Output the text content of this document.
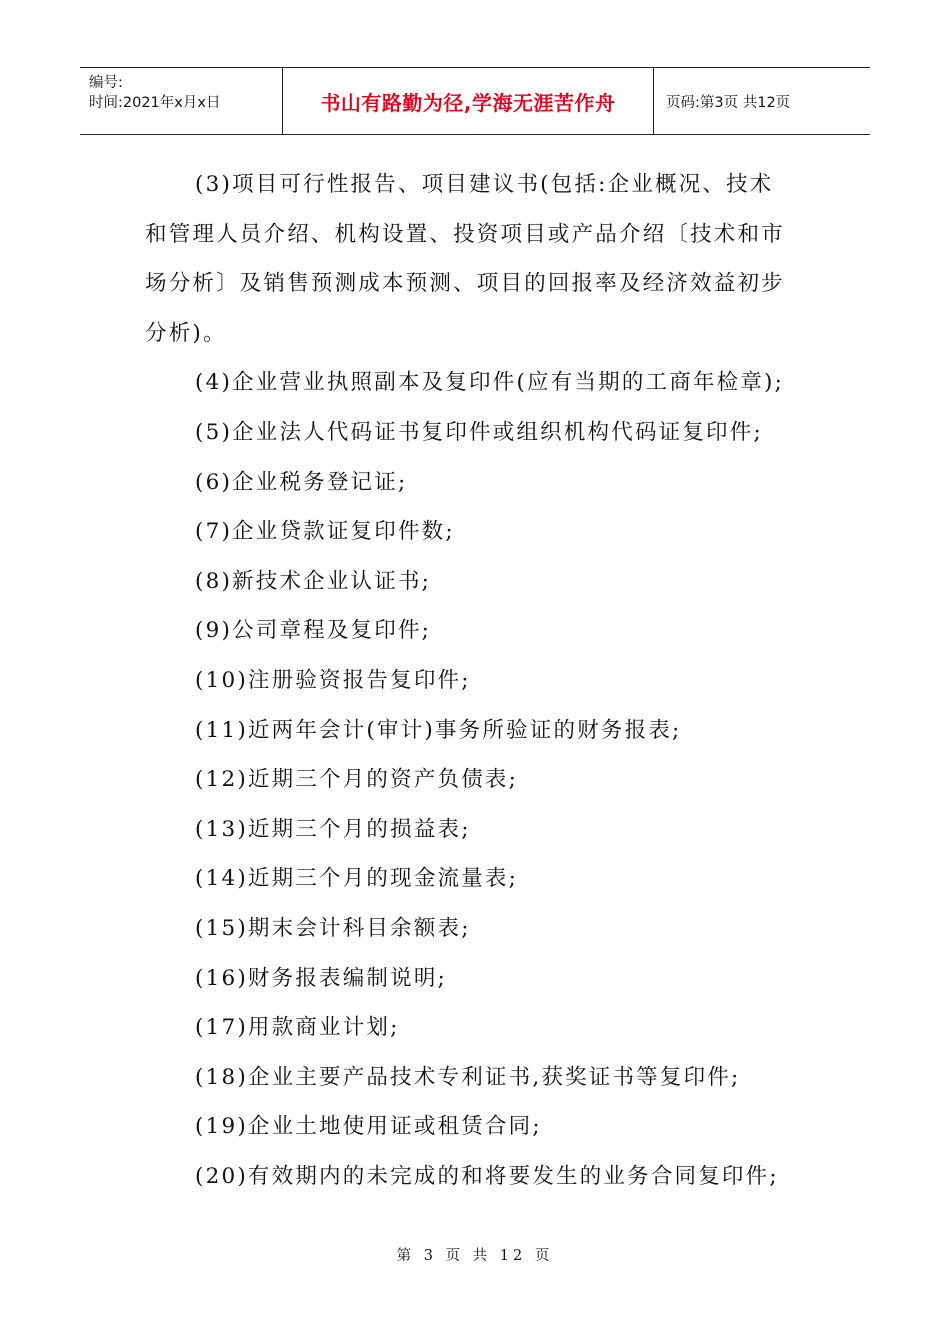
编号:
时间:2021年x月x日	书山有路勤为径,学海无涯苦作舟	页码:第3页 共12页
(3)项目可行性报告、项目建议书(包括:企业概况、技术
和管理人员介绍、机构设置、投资项目或产品介绍〔技术和市
场分析〕及销售预测成本预测、项目的回报率及经济效益初步
分析)。
(4)企业营业执照副本及复印件(应有当期的工商年检章);
(5)企业法人代码证书复印件或组织机构代码证复印件;
(6)企业税务登记证;
(7)企业贷款证复印件数;
(8)新技术企业认证书;
(9)公司章程及复印件;
(10)注册验资报告复印件;
(11)近两年会计(审计)事务所验证的财务报表;
(12)近期三个月的资产负债表;
(13)近期三个月的损益表;
(14)近期三个月的现金流量表;
(15)期末会计科目余额表;
(16)财务报表编制说明;
(17)用款商业计划;
(18)企业主要产品技术专利证书,获奖证书等复印件;
(19)企业土地使用证或租赁合同;
(20)有效期内的未完成的和将要发生的业务合同复印件;
第 3 页 共 12 页
